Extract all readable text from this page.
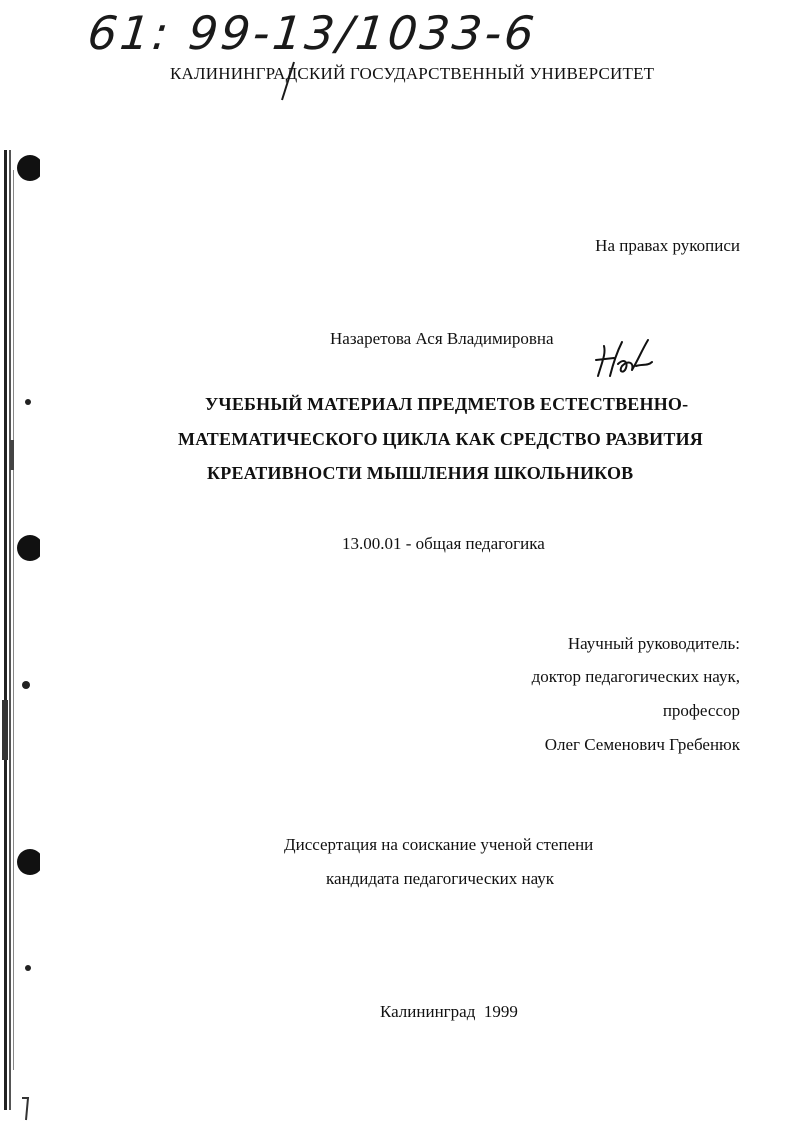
61: 99-13/1033-6
КАЛИНИНГРАДСКИЙ ГОСУДАРСТВЕННЫЙ УНИВЕРСИТЕТ
На правах рукописи
Назаретова Ася Владимировна
УЧЕБНЫЙ МАТЕРИАЛ ПРЕДМЕТОВ ЕСТЕСТВЕННО-
МАТЕМАТИЧЕСКОГО ЦИКЛА КАК СРЕДСТВО РАЗВИТИЯ
КРЕАТИВНОСТИ МЫШЛЕНИЯ ШКОЛЬНИКОВ
13.00.01 - общая педагогика
Научный руководитель:
доктор педагогических наук,
профессор
Олег Семенович Гребенюк
Диссертация на соискание ученой степени
кандидата педагогических наук
Калининград  1999
